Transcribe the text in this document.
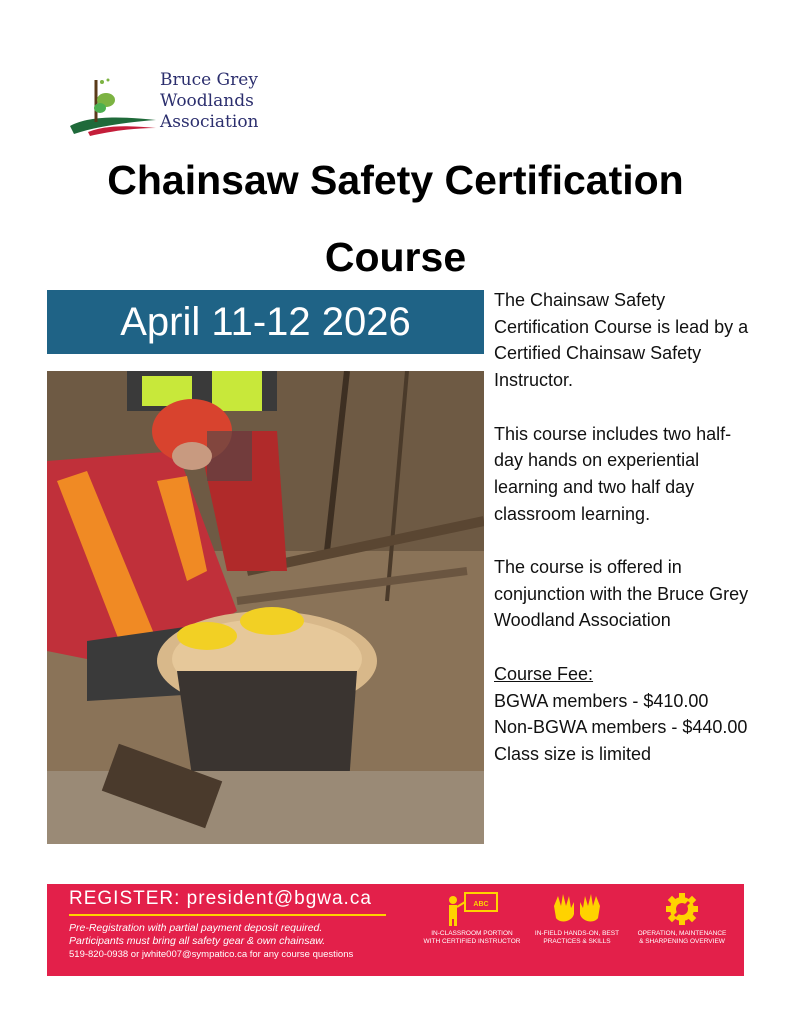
Bruce Grey
Woodlands
Association
Chainsaw Safety Certification
Course
April 11-12 2026	The Chainsaw Safety Certification Course is lead by a Certified Chainsaw Safety Instructor.

This course includes two half-day hands on experiential learning and two half day classroom learning.

The course is offered in conjunction with the Bruce Grey Woodland Association

Course Fee:
BGWA members - $410.00
Non-BGWA members - $440.00
Class size is limited
REGISTER: president@bgwa.ca
Pre-Registration with partial payment deposit required.
Participants must bring all safety gear & own chainsaw.
519-820-0938 or jwhite007@sympatico.ca for any course questions
ABC
IN-CLASSROOM PORTION
WITH CERTIFIED INSTRUCTOR
IN-FIELD HANDS-ON, BEST
PRACTICES & SKILLS
OPERATION, MAINTENANCE
& SHARPENING OVERVIEW
